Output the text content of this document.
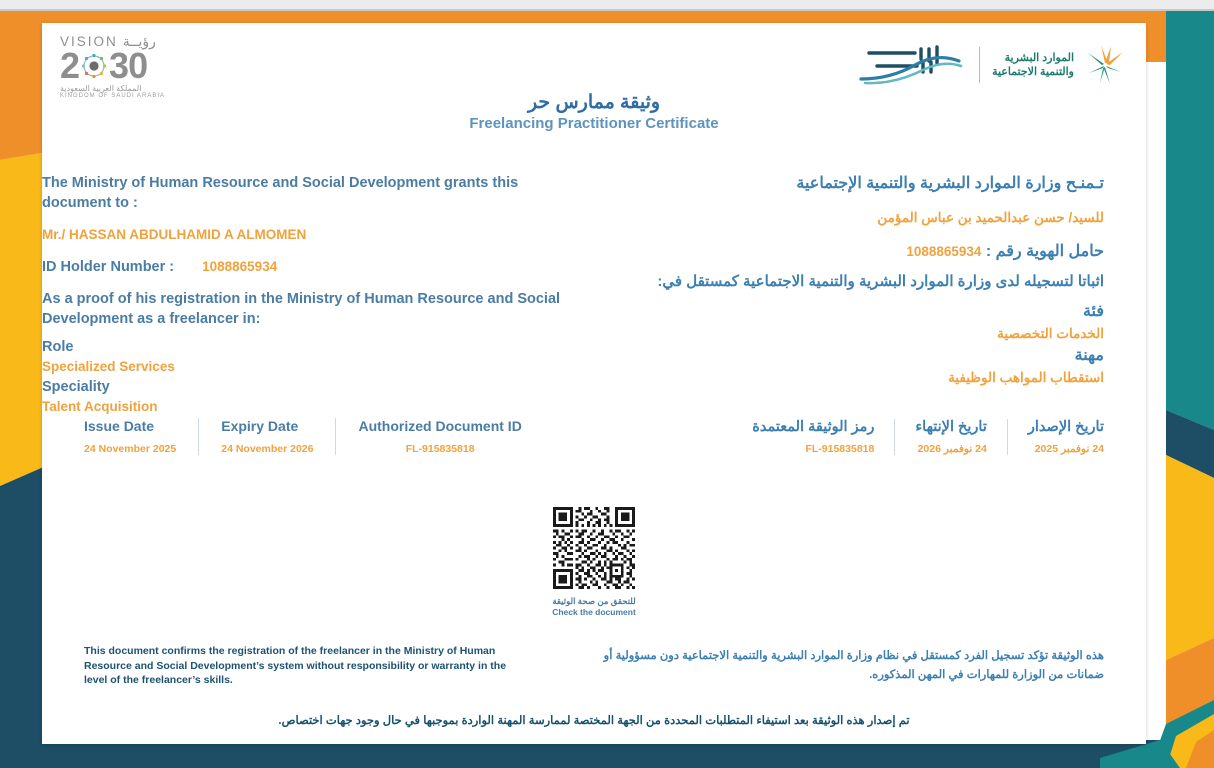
VISION رؤيــة
2 3 0
المملكة العربية السعودية
KINGDOM OF SAUDI ARABIA
الموارد البشرية
والتنمية الاجتماعية
وثيقة ممارس حر
Freelancing Practitioner Certificate
The Ministry of Human Resource and Social Development grants this document to :
Mr./ HASSAN ABDULHAMID A ALMOMEN
ID Holder Number : 1088865934
As a proof of his registration in the Ministry of Human Resource and Social Development as a freelancer in:
Role
Specialized Services
Speciality
Talent Acquisition
تـمنـح وزارة الموارد البشرية والتنمية الإجتماعية
للسيد/ حسن عبدالحميد بن عباس المؤمن
حامل الهوية رقم : 1088865934
اثباتا لتسجيله لدى وزارة الموارد البشرية والتنمية الاجتماعية كمستقل في:
فئة
الخدمات التخصصية
مهنة
استقطاب المواهب الوظيفية
Issue Date
24 November 2025
Expiry Date
24 November 2026
Authorized Document ID
FL-915835818
تاريخ الإصدار
24 نوفمبر 2025
تاريخ الإنتهاء
24 نوفمبر 2026
رمز الوثيقة المعتمدة
FL-915835818
للتحقق من صحة الوثيقة
Check the document
This document confirms the registration of the freelancer in the Ministry of Human Resource and Social Development’s system without responsibility or warranty in the level of the freelancer’s skills.
هذه الوثيقة تؤكد تسجيل الفرد كمستقل في نظام وزارة الموارد البشرية والتنمية الاجتماعية دون مسؤولية أو ضمانات من الوزارة للمهارات في المهن المذكوره.
تم إصدار هذه الوثيقة بعد استيفاء المتطلبات المحددة من الجهة المختصة لممارسة المهنة الواردة بموجبها في حال وجود جهات اختصاص.
